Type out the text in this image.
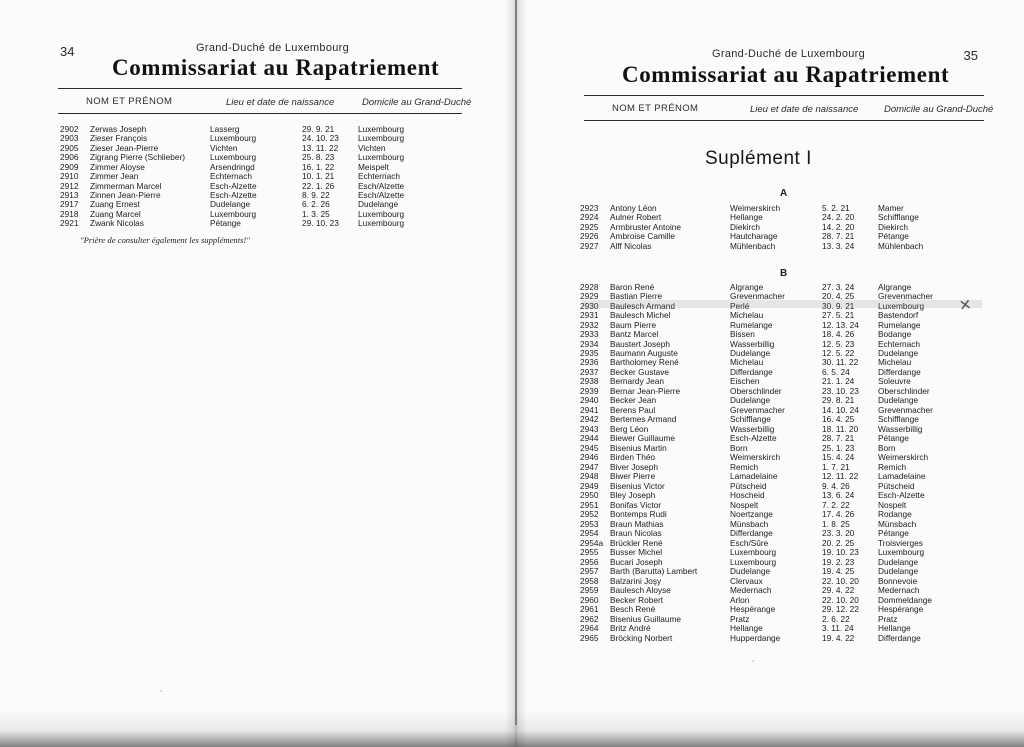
34	Grand-Duché de Luxembourg
Commissariat au Rapatriement
NOM ET PRÉNOM	Lieu et date de naissance	Domicile au Grand-Duché
2902	Zerwas Joseph	Lasserg	29. 9. 21	Luxembourg
2903	Zieser François	Luxembourg	24. 10. 23	Luxembourg
2905	Zieser Jean-Pierre	Vichten	13. 11. 22	Vichten
2906	Zigrang Pierre (Schlieber)	Luxembourg	25. 8. 23	Luxembourg
2909	Zimmer Aloyse	Arsendringd	16. 1. 22	Meispelt
2910	Zimmer Jean	Echternach	10. 1. 21	Echternach
2912	Zimmerman Marcel	Esch-Alzette	22. 1. 26	Esch/Alzette
2913	Zinnen Jean-Pierre	Esch-Alzette	8. 9. 22	Esch/Alzette
2917	Zuang Ernest	Dudelange	6. 2. 26	Dudelange
2918	Zuang Marcel	Luxembourg	1. 3. 25	Luxembourg
2921	Zwank Nicolas	Pétange	29. 10. 23	Luxembourg
"Prière de consulter également les suppléments!"
35
Grand-Duché de Luxembourg
Commissariat au Rapatriement
NOM ET PRÉNOM	Lieu et date de naissance	Domicile au Grand-Duché
Suplément I
A
2923	Antony Léon	Weimerskirch	5. 2. 21	Mamer
2924	Aulner Robert	Hellange	24. 2. 20	Schifflange
2925	Armbruster Antoine	Diekirch	14. 2. 20	Diekirch
2926	Ambroise Camille	Hautcharage	28. 7. 21	Pétange
2927	Alff Nicolas	Mühlenbach	13. 3. 24	Mühlenbach
B
2928	Baron René	Algrange	27. 3. 24	Algrange
2929	Bastian Pierre	Grevenmacher	20. 4. 25	Grevenmacher
2930	Baulesch Armand	Perlé	30. 9. 21	Luxembourg
2931	Baulesch Michel	Michelau	27. 5. 21	Bastendorf
2932	Baum Pierre	Rumelange	12. 13. 24	Rumelange
2933	Bantz Marcel	Bissen	18. 4. 26	Bodange
2934	Baustert Joseph	Wasserbillig	12. 5. 23	Echternach
2935	Baumann Auguste	Dudelange	12. 5. 22	Dudelange
2936	Bartholomey René	Michelau	30. 11. 22	Michelau
2937	Becker Gustave	Differdange	6. 5. 24	Differdange
2938	Bernardy Jean	Eischen	21. 1. 24	Soleuvre
2939	Bernar Jean-Pierre	Oberschlinder	23. 10. 23	Oberschlinder
2940	Becker Jean	Dudelange	29. 8. 21	Dudelange
2941	Berens Paul	Grevenmacher	14. 10. 24	Grevenmacher
2942	Bertemes Armand	Schifflange	16. 4. 25	Schifflange
2943	Berg Léon	Wasserbillig	18. 11. 20	Wasserbillig
2944	Biewer Guillaume	Esch-Alzette	28. 7. 21	Pétange
2945	Bisenius Martin	Born	25. 1. 23	Born
2946	Birden Théo	Weimerskirch	15. 4. 24	Weimerskirch
2947	Biver Joseph	Remich	1. 7. 21	Remich
2948	Biwer Pierre	Lamadelaine	12. 11. 22	Lamadelaine
2949	Bisenius Victor	Pütscheid	9. 4. 26	Pütscheid
2950	Bley Joseph	Hoscheid	13. 6. 24	Esch-Alzette
2951	Bonifas Victor	Nospelt	7. 2. 22	Nospelt
2952	Bontemps Rudi	Noertzange	17. 4. 26	Rodange
2953	Braun Mathias	Münsbach	1. 8. 25	Münsbach
2954	Braun Nicolas	Differdange	23. 3. 20	Pétange
2954a	Brückler René	Esch/Sûre	20. 2. 25	Troisvierges
2955	Busser Michel	Luxembourg	19. 10. 23	Luxembourg
2956	Bucari Joseph	Luxembourg	19. 2. 23	Dudelange
2957	Barth (Barutta) Lambert	Dudelange	19. 4. 25	Dudelange
2958	Balzarini Joşy	Clervaux	22. 10. 20	Bonnevoie
2959	Baulesch Aloyse	Medernach	29. 4. 22	Medernach
2960	Becker Robert	Arlon	22. 10. 20	Dommeldange
2961	Besch René	Hespérange	29. 12. 22	Hespérange
2962	Bisenius Guillaume	Pratz	2. 6. 22	Pratz
2964	Britz André	Hellange	3. 11. 24	Hellange
2965	Bröcking Norbert	Hupperdange	19. 4. 22	Differdange
✕
